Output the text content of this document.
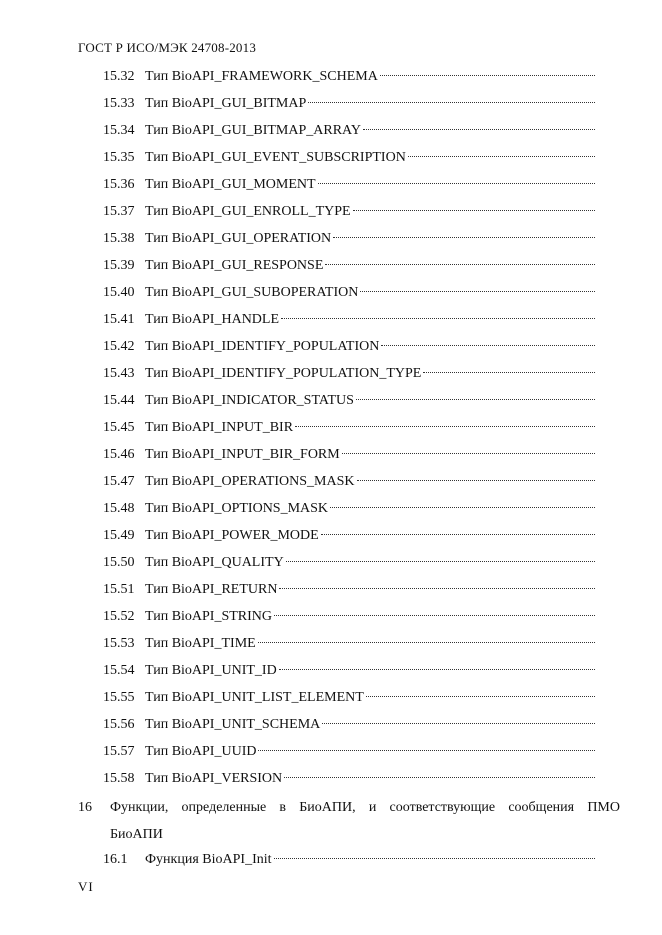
ГОСТ Р ИСО/МЭК 24708-2013
15.32 Тип BioAPI_FRAMEWORK_SCHEMA
15.33 Тип BioAPI_GUI_BITMAP
15.34 Тип BioAPI_GUI_BITMAP_ARRAY
15.35 Тип BioAPI_GUI_EVENT_SUBSCRIPTION
15.36 Тип BioAPI_GUI_MOMENT
15.37 Тип BioAPI_GUI_ENROLL_TYPE
15.38 Тип BioAPI_GUI_OPERATION
15.39 Тип BioAPI_GUI_RESPONSE
15.40 Тип BioAPI_GUI_SUBOPERATION
15.41 Тип BioAPI_HANDLE
15.42 Тип BioAPI_IDENTIFY_POPULATION
15.43 Тип BioAPI_IDENTIFY_POPULATION_TYPE
15.44 Тип BioAPI_INDICATOR_STATUS
15.45 Тип BioAPI_INPUT_BIR
15.46 Тип BioAPI_INPUT_BIR_FORM
15.47 Тип BioAPI_OPERATIONS_MASK
15.48 Тип BioAPI_OPTIONS_MASK
15.49 Тип BioAPI_POWER_MODE
15.50 Тип BioAPI_QUALITY
15.51 Тип BioAPI_RETURN
15.52 Тип BioAPI_STRING
15.53 Тип BioAPI_TIME
15.54 Тип BioAPI_UNIT_ID
15.55 Тип BioAPI_UNIT_LIST_ELEMENT
15.56 Тип BioAPI_UNIT_SCHEMA
15.57 Тип BioAPI_UUID
15.58 Тип BioAPI_VERSION
16	Функции, определенные в БиоАПИ, и соответствующие сообщения ПМО
БиоАПИ
16.1	Функция BioAPI_Init
VI
